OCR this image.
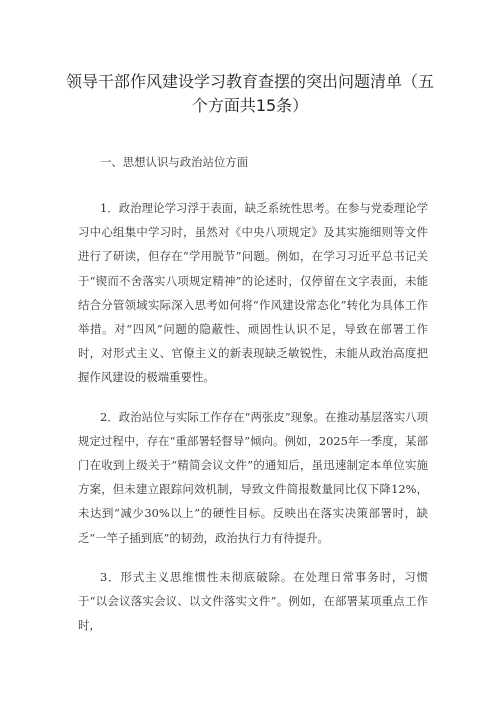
领导干部作风建设学习教育查摆的突出问题清单（五个方面共15条）

一、思想认识与政治站位方面

1．政治理论学习浮于表面，缺乏系统性思考。在参与党委理论学习中心组集中学习时，虽然对《中央八项规定》及其实施细则等文件进行了研读，但存在“学用脱节”问题。例如，在学习习近平总书记关于“锲而不舍落实八项规定精神”的论述时，仅停留在文字表面，未能结合分管领域实际深入思考如何将“作风建设常态化”转化为具体工作举措。对“四风”问题的隐蔽性、顽固性认识不足，导致在部署工作时，对形式主义、官僚主义的新表现缺乏敏锐性，未能从政治高度把握作风建设的极端重要性。

2．政治站位与实际工作存在“两张皮”现象。在推动基层落实八项规定过程中，存在“重部署轻督导”倾向。例如，2025年一季度，某部门在收到上级关于“精简会议文件”的通知后，虽迅速制定本单位实施方案，但未建立跟踪问效机制，导致文件简报数量同比仅下降12%，未达到“减少30%以上”的硬性目标。反映出在落实决策部署时，缺乏“一竿子插到底”的韧劲，政治执行力有待提升。

3．形式主义思维惯性未彻底破除。在处理日常事务时，习惯于“以会议落实会议、以文件落实文件”。例如，在部署某项重点工作时，
